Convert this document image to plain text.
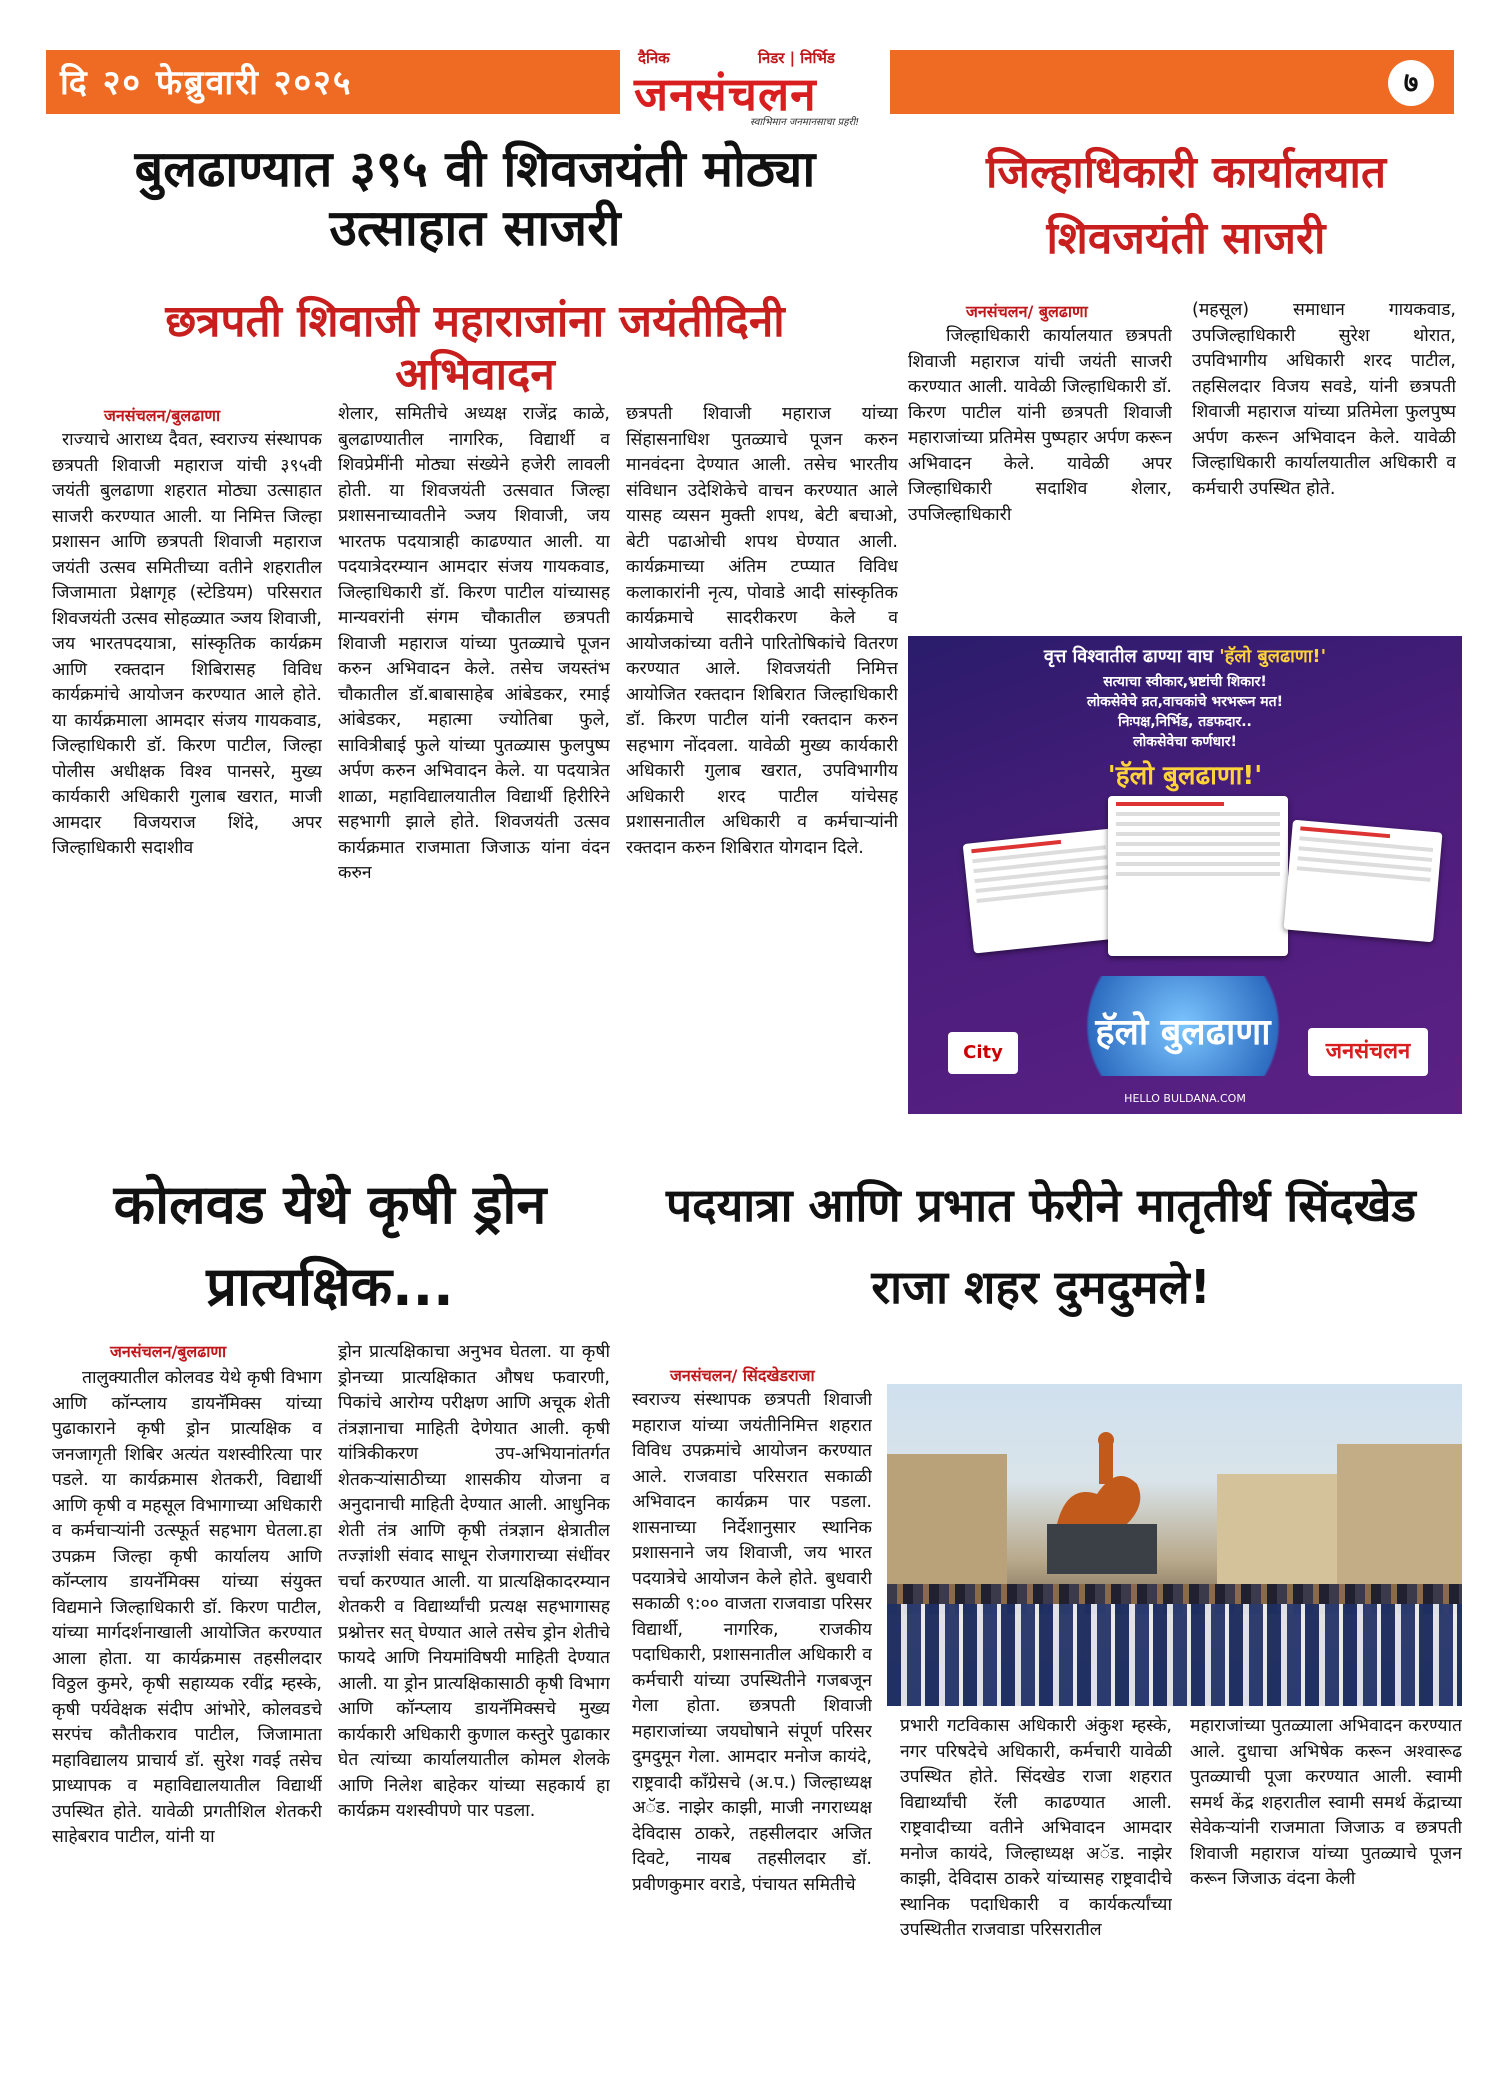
दि २० फेब्रुवारी २०२५
दैनिक	निडर | निर्भिड
जनसंचलन
स्वाभिमान जनमानसाचा प्रहरी!
७
बुलढाण्यात ३९५ वी शिवजयंती मोठ्या उत्साहात साजरी
छत्रपती शिवाजी महाराजांना जयंतीदिनी अभिवादन
जनसंचलन/बुलढाणा
राज्याचे आराध्य दैवत, स्वराज्य संस्थापक छत्रपती शिवाजी महाराज यांची ३९५वी जयंती बुलढाणा शहरात मोठ्या उत्साहात साजरी करण्यात आली. या निमित्त जिल्हा प्रशासन आणि छत्रपती शिवाजी महाराज जयंती उत्सव समितीच्या वतीने शहरातील जिजामाता प्रेक्षागृह (स्टेडियम) परिसरात शिवजयंती उत्सव सोहळ्यात ञ्जय शिवाजी, जय भारतपदयात्रा, सांस्कृतिक कार्यक्रम आणि रक्तदान शिबिरासह विविध कार्यक्रमांचे आयोजन करण्यात आले होते. या कार्यक्रमाला आमदार संजय गायकवाड, जिल्हाधिकारी डॉ. किरण पाटील, जिल्हा पोलीस अधीक्षक विश्व पानसरे, मुख्य कार्यकारी अधिकारी गुलाब खरात, माजी आमदार विजयराज शिंदे, अपर जिल्हाधिकारी सदाशीव
शेलार, समितीचे अध्यक्ष राजेंद्र काळे, बुलढाण्यातील नागरिक, विद्यार्थी व शिवप्रेमींनी मोठ्या संख्येने हजेरी लावली होती. या शिवजयंती उत्सवात जिल्हा प्रशासनाच्यावतीने ञ्जय शिवाजी, जय भारतफ पदयात्राही काढण्यात आली. या पदयात्रेदरम्यान आमदार संजय गायकवाड, जिल्हाधिकारी डॉ. किरण पाटील यांच्यासह मान्यवरांनी संगम चौकातील छत्रपती शिवाजी महाराज यांच्या पुतळ्याचे पूजन करुन अभिवादन केले. तसेच जयस्तंभ चौकातील डॉ.बाबासाहेब आंबेडकर, रमाई आंबेडकर, महात्मा ज्योतिबा फुले, सावित्रीबाई फुले यांच्या पुतळ्यास फुलपुष्प अर्पण करुन अभिवादन केले. या पदयात्रेत शाळा, महाविद्यालयातील विद्यार्थी हिरीरिने सहभागी झाले होते. शिवजयंती उत्सव कार्यक्रमात राजमाता जिजाऊ यांना वंदन करुन
छत्रपती शिवाजी महाराज यांच्या सिंहासनाधिश पुतळ्याचे पूजन करुन मानवंदना देण्यात आली. तसेच भारतीय संविधान उदेशिकेचे वाचन करण्यात आले यासह व्यसन मुक्ती शपथ, बेटी बचाओ, बेटी पढाओची शपथ घेण्यात आली. कार्यक्रमाच्या अंतिम टप्प्यात विविध कलाकारांनी नृत्य, पोवाडे आदी सांस्कृतिक कार्यक्रमाचे सादरीकरण केले व आयोजकांच्या वतीने पारितोषिकांचे वितरण करण्यात आले. शिवजयंती निमित्त आयोजित रक्तदान शिबिरात जिल्हाधिकारी डॉ. किरण पाटील यांनी रक्तदान करुन सहभाग नोंदवला. यावेळी मुख्य कार्यकारी अधिकारी गुलाब खरात, उपविभागीय अधिकारी शरद पाटील यांचेसह प्रशासनातील अधिकारी व कर्मचाऱ्यांनी रक्तदान करुन शिबिरात योगदान दिले.
जिल्हाधिकारी कार्यालयात शिवजयंती साजरी
जनसंचलन/ बुलढाणा
जिल्हाधिकारी कार्यालयात छत्रपती शिवाजी महाराज यांची जयंती साजरी करण्यात आली. यावेळी जिल्हाधिकारी डॉ. किरण पाटील यांनी छत्रपती शिवाजी महाराजांच्या प्रतिमेस पुष्पहार अर्पण करून अभिवादन केले. यावेळी अपर जिल्हाधिकारी सदाशिव शेलार, उपजिल्हाधिकारी
(महसूल) समाधान गायकवाड, उपजिल्हाधिकारी सुरेश थोरात, उपविभागीय अधिकारी शरद पाटील, तहसिलदार विजय सवडे, यांनी छत्रपती शिवाजी महाराज यांच्या प्रतिमेला फुलपुष्प अर्पण करून अभिवादन केले. यावेळी जिल्हाधिकारी कार्यालयातील अधिकारी व कर्मचारी उपस्थित होते.
वृत्त विश्वातील ढाण्या वाघ 'हॅलो बुलढाणा!'
सत्याचा स्वीकार,भ्रष्टांची शिकार!
लोकसेवेचे व्रत,वाचकांचे भरभरून मत!
निःपक्ष,निर्भिड, तडफदार..
लोकसेवेचा कर्णधार!
'हॅलो बुलढाणा!'
हॅलो बुलढाणा
City	जनसंचलन
HELLO BULDANA.COM
कोलवड येथे कृषी ड्रोन प्रात्यक्षिक...
जनसंचलन/बुलढाणा
तालुक्यातील कोलवड येथे कृषी विभाग आणि कॉन्प्लाय डायनॅमिक्स यांच्या पुढाकाराने कृषी ड्रोन प्रात्यक्षिक व जनजागृती शिबिर अत्यंत यशस्वीरित्या पार पडले. या कार्यक्रमास शेतकरी, विद्यार्थी आणि कृषी व महसूल विभागाच्या अधिकारी व कर्मचाऱ्यांनी उत्स्फूर्त सहभाग घेतला.हा उपक्रम जिल्हा कृषी कार्यालय आणि कॉन्प्लाय डायनॅमिक्स यांच्या संयुक्त विद्यमाने जिल्हाधिकारी डॉ. किरण पाटील, यांच्या मार्गदर्शनाखाली आयोजित करण्यात आला होता. या कार्यक्रमास तहसीलदार विठ्ठल कुमरे, कृषी सहाय्यक रवींद्र म्हस्के, कृषी पर्यवेक्षक संदीप आंभोरे, कोलवडचे सरपंच कौतीकराव पाटील, जिजामाता महाविद्यालय प्राचार्य डॉ. सुरेश गवई तसेच प्राध्यापक व महाविद्यालयातील विद्यार्थी उपस्थित होते. यावेळी प्रगतीशिल शेतकरी साहेबराव पाटील, यांनी या
ड्रोन प्रात्यक्षिकाचा अनुभव घेतला. या कृषी ड्रोनच्या प्रात्यक्षिकात औषध फवारणी, पिकांचे आरोग्य परीक्षण आणि अचूक शेती तंत्रज्ञानाचा माहिती देणेयात आली. कृषी यांत्रिकीकरण उप-अभियानांतर्गत शेतकऱ्यांसाठीच्या शासकीय योजना व अनुदानाची माहिती देण्यात आली. आधुनिक शेती तंत्र आणि कृषी तंत्रज्ञान क्षेत्रातील तज्ज्ञांशी संवाद साधून रोजगाराच्या संधींवर चर्चा करण्यात आली. या प्रात्यक्षिकादरम्यान शेतकरी व विद्यार्थ्यांची प्रत्यक्ष सहभागासह प्रश्नोत्तर सत् घेण्यात आले तसेच ड्रोन शेतीचे फायदे आणि नियमांविषयी माहिती देण्यात आली. या ड्रोन प्रात्यक्षिकासाठी कृषी विभाग आणि कॉन्प्लाय डायनॅमिक्सचे मुख्य कार्यकारी अधिकारी कुणाल कस्तुरे पुढाकार घेत त्यांच्या कार्यालयातील कोमल शेलके आणि निलेश बाहेकर यांच्या सहकार्य हा कार्यक्रम यशस्वीपणे पार पडला.
पदयात्रा आणि प्रभात फेरीने मातृतीर्थ सिंदखेड राजा शहर दुमदुमले!
जनसंचलन/ सिंदखेडराजा
स्वराज्य संस्थापक छत्रपती शिवाजी महाराज यांच्या जयंतीनिमित्त शहरात विविध उपक्रमांचे आयोजन करण्यात आले. राजवाडा परिसरात सकाळी अभिवादन कार्यक्रम पार पडला. शासनाच्या निर्देशानुसार स्थानिक प्रशासनाने जय शिवाजी, जय भारत पदयात्रेचे आयोजन केले होते. बुधवारी सकाळी ९:०० वाजता राजवाडा परिसर विद्यार्थी, नागरिक, राजकीय पदाधिकारी, प्रशासनातील अधिकारी व कर्मचारी यांच्या उपस्थितीने गजबजून गेला होता. छत्रपती शिवाजी महाराजांच्या जयघोषाने संपूर्ण परिसर दुमदुमून गेला. आमदार मनोज कायंदे, राष्ट्रवादी काँग्रेसचे (अ.प.) जिल्हाध्यक्ष अॅड. नाझेर काझी, माजी नगराध्यक्ष देविदास ठाकरे, तहसीलदार अजित दिवटे, नायब तहसीलदार डॉ. प्रवीणकुमार वराडे, पंचायत समितीचे
प्रभारी गटविकास अधिकारी अंकुश म्हस्के, नगर परिषदेचे अधिकारी, कर्मचारी यावेळी उपस्थित होते. सिंदखेड राजा शहरात विद्यार्थ्यांची रॅली काढण्यात आली. राष्ट्रवादीच्या वतीने अभिवादन आमदार मनोज कायंदे, जिल्हाध्यक्ष अॅड. नाझेर काझी, देविदास ठाकरे यांच्यासह राष्ट्रवादीचे स्थानिक पदाधिकारी व कार्यकर्त्यांच्या उपस्थितीत राजवाडा परिसरातील
महाराजांच्या पुतळ्याला अभिवादन करण्यात आले. दुधाचा अभिषेक करून अश्वारूढ पुतळ्याची पूजा करण्यात आली. स्वामी समर्थ केंद्र शहरातील स्वामी समर्थ केंद्राच्या सेवेकऱ्यांनी राजमाता जिजाऊ व छत्रपती शिवाजी महाराज यांच्या पुतळ्याचे पूजन करून जिजाऊ वंदना केली
